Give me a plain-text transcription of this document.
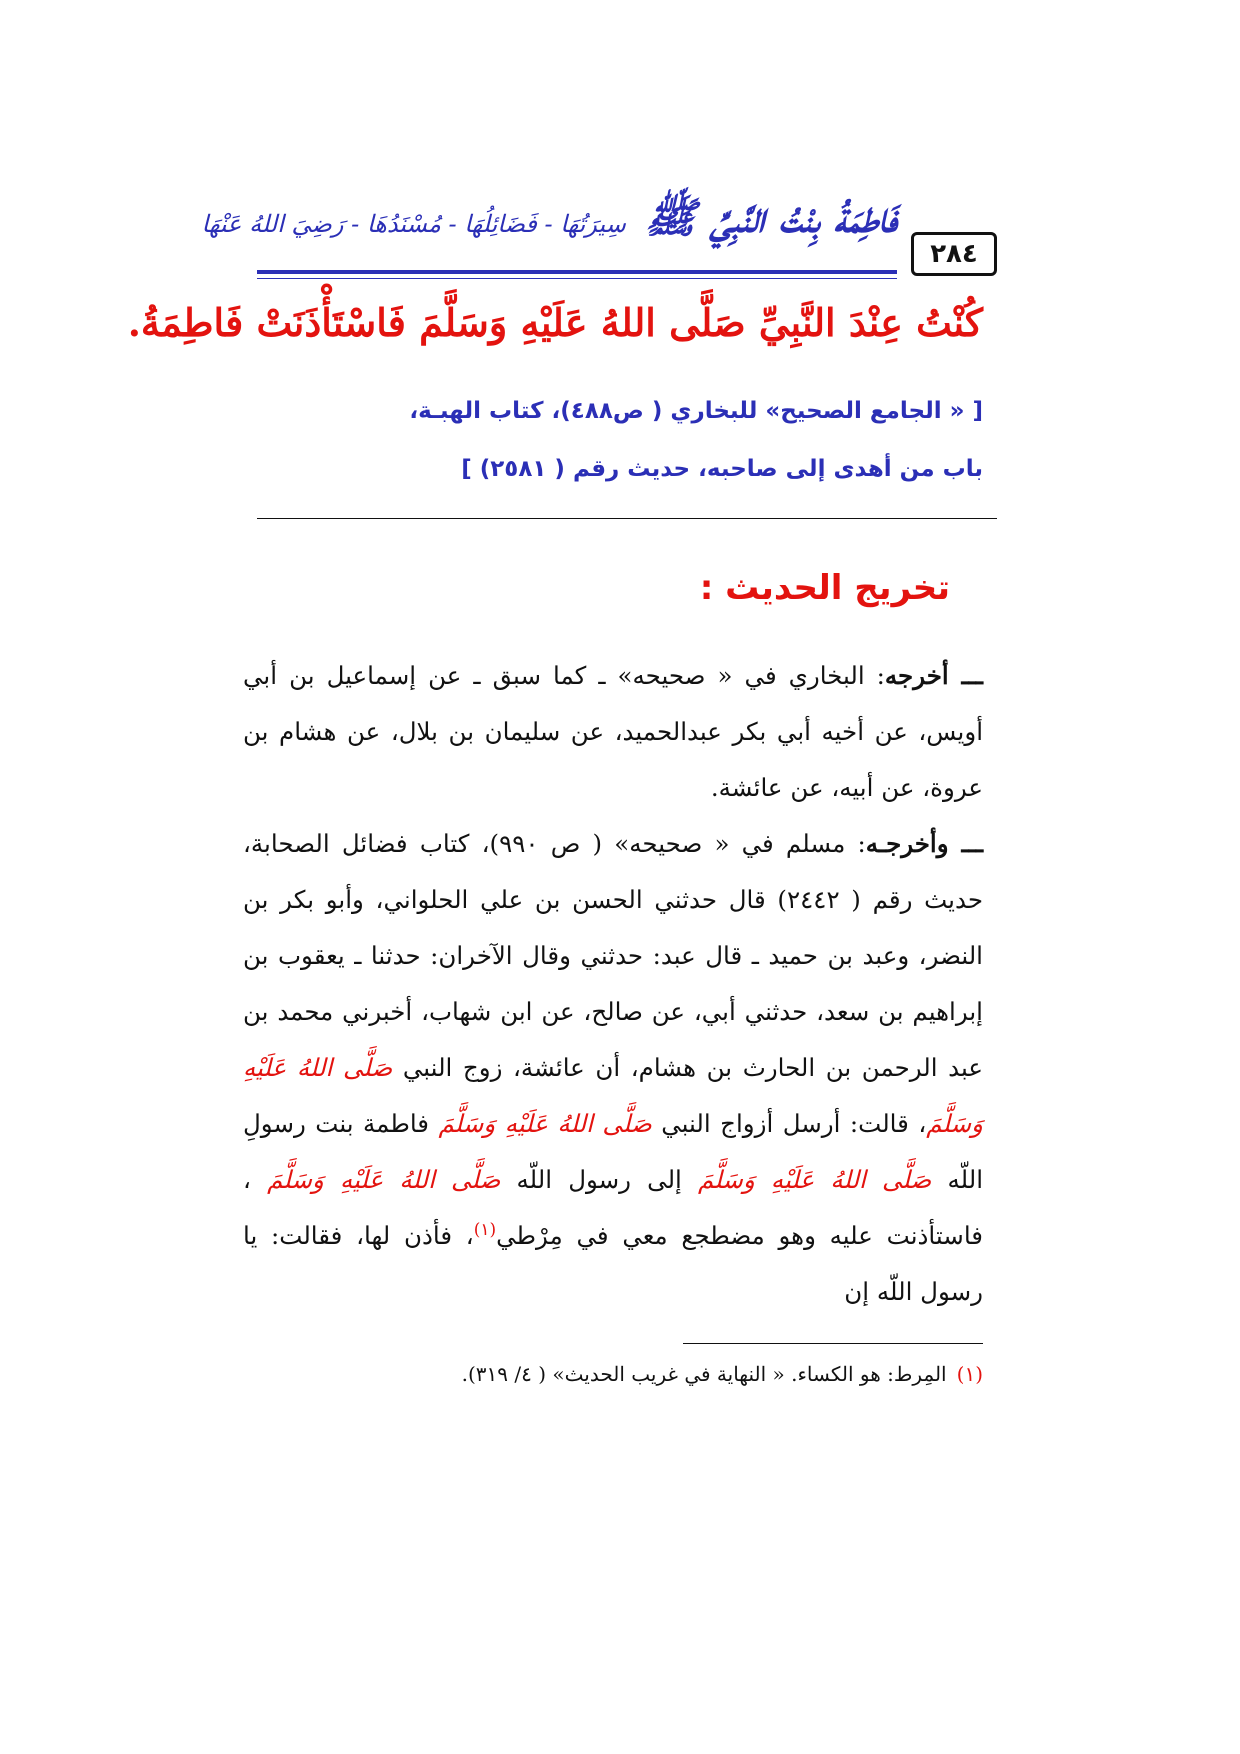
٢٨٤
فَاطِمَةُ بِنْتُ النَّبِيِّ ﷺ سِيرَتُهَا - فَضَائِلُهَا - مُسْنَدُهَا - رَضِيَ اللهُ عَنْهَا
كُنْتُ عِنْدَ النَّبِيِّ صَلَّى اللهُ عَلَيْهِ وَسَلَّمَ فَاسْتَأْذَنَتْ فَاطِمَةُ.
[ « الجامع الصحيح» للبخاري ( ص٤٨٨)، كتاب الهبـة،
باب من أهدى إلى صاحبه، حديث رقم ( ٢٥٨١) ]
تخريج الحديث :

ـــ أخرجه: البخاري في « صحيحه» ـ كما سبق ـ عن إسماعيل بن أبي أويس، عن أخيه أبي بكر عبدالحميد، عن سليمان بن بلال، عن هشام بن عروة، عن أبيه، عن عائشة.

ـــ وأخرجـه: مسلم في « صحيحه» ( ص ٩٩٠)، كتاب فضائل الصحابة، حديث رقم ( ٢٤٤٢) قال حدثني الحسن بن علي الحلواني، وأبو بكر بن النضر، وعبد بن حميد ـ قال عبد: حدثني وقال الآخران: حدثنا ـ يعقوب بن إبراهيم بن سعد، حدثني أبي، عن صالح، عن ابن شهاب، أخبرني محمد بن عبد الرحمن بن الحارث بن هشام، أن عائشة، زوج النبي صَلَّى اللهُ عَلَيْهِ وَسَلَّمَ، قالت: أرسل أزواج النبي صَلَّى اللهُ عَلَيْهِ وَسَلَّمَ فاطمة بنت رسولِ اللّه صَلَّى اللهُ عَلَيْهِ وَسَلَّمَ إلى رسول اللّه صَلَّى اللهُ عَلَيْهِ وَسَلَّمَ ، فاستأذنت عليه وهو مضطجع معي في مِرْطي$^{(١)}$، فأذن لها، فقالت: يا رسول اللّه إن

(١)المِرط: هو الكساء. « النهاية في غريب الحديث» ( ٤/ ٣١٩).
